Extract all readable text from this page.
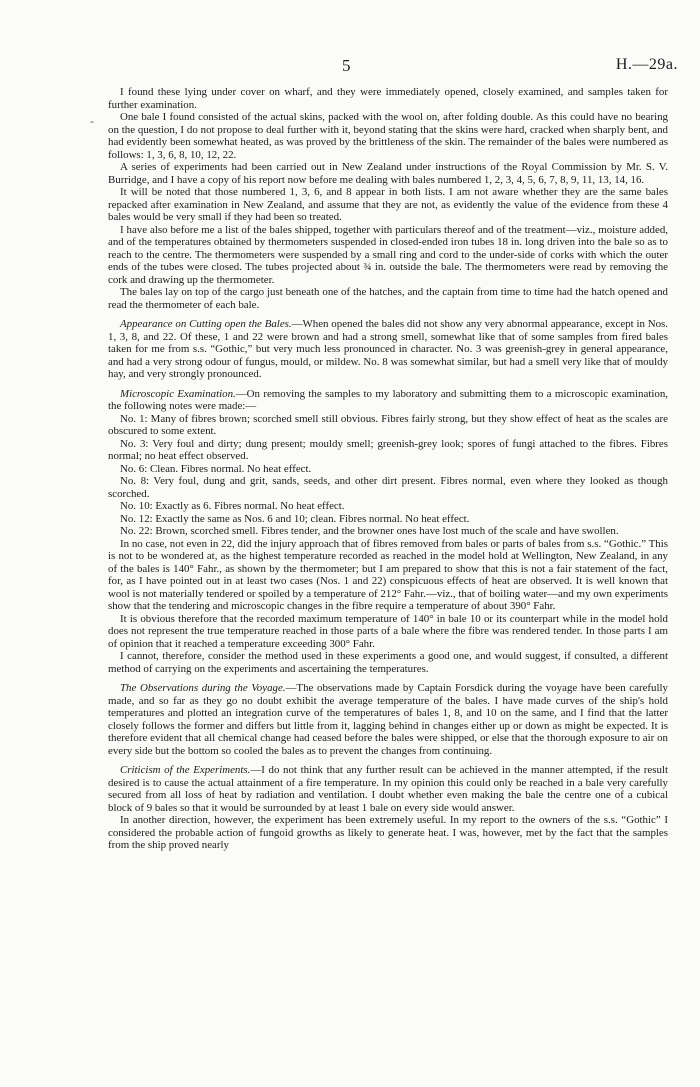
5	H.—29a.
-

I found these lying under cover on wharf, and they were immediately opened, closely examined, and samples taken for further examination.

One bale I found consisted of the actual skins, packed with the wool on, after folding double. As this could have no bearing on the question, I do not propose to deal further with it, beyond stating that the skins were hard, cracked when sharply bent, and had evidently been somewhat heated, as was proved by the brittleness of the skin. The remainder of the bales were numbered as follows: 1, 3, 6, 8, 10, 12, 22.

A series of experiments had been carried out in New Zealand under instructions of the Royal Commission by Mr. S. V. Burridge, and I have a copy of his report now before me dealing with bales numbered 1, 2, 3, 4, 5, 6, 7, 8, 9, 11, 13, 14, 16.

It will be noted that those numbered 1, 3, 6, and 8 appear in both lists. I am not aware whether they are the same bales repacked after examination in New Zealand, and assume that they are not, as evidently the value of the evidence from these 4 bales would be very small if they had been so treated.

I have also before me a list of the bales shipped, together with particulars thereof and of the treatment—viz., moisture added, and of the temperatures obtained by thermometers suspended in closed-ended iron tubes 18 in. long driven into the bale so as to reach to the centre. The thermometers were suspended by a small ring and cord to the under-side of corks with which the outer ends of the tubes were closed. The tubes projected about ¾ in. outside the bale. The thermometers were read by removing the cork and drawing up the thermometer.

The bales lay on top of the cargo just beneath one of the hatches, and the captain from time to time had the hatch opened and read the thermometer of each bale.

Appearance on Cutting open the Bales.—When opened the bales did not show any very abnormal appearance, except in Nos. 1, 3, 8, and 22. Of these, 1 and 22 were brown and had a strong smell, somewhat like that of some samples from fired bales taken for me from s.s. “Gothic,” but very much less pronounced in character. No. 3 was greenish-grey in general appearance, and had a very strong odour of fungus, mould, or mildew. No. 8 was somewhat similar, but had a smell very like that of mouldy hay, and very strongly pronounced.

Microscopic Examination.—On removing the samples to my laboratory and submitting them to a microscopic examination, the following notes were made:—

No. 1: Many of fibres brown; scorched smell still obvious. Fibres fairly strong, but they show effect of heat as the scales are obscured to some extent.

No. 3: Very foul and dirty; dung present; mouldy smell; greenish-grey look; spores of fungi attached to the fibres. Fibres normal; no heat effect observed.

No. 6: Clean. Fibres normal. No heat effect.

No. 8: Very foul, dung and grit, sands, seeds, and other dirt present. Fibres normal, even where they looked as though scorched.

No. 10: Exactly as 6. Fibres normal. No heat effect.

No. 12: Exactly the same as Nos. 6 and 10; clean. Fibres normal. No heat effect.

No. 22: Brown, scorched smell. Fibres tender, and the browner ones have lost much of the scale and have swollen.

In no case, not even in 22, did the injury approach that of fibres removed from bales or parts of bales from s.s. “Gothic.” This is not to be wondered at, as the highest temperature recorded as reached in the model hold at Wellington, New Zealand, in any of the bales is 140° Fahr., as shown by the thermometer; but I am prepared to show that this is not a fair statement of the fact, for, as I have pointed out in at least two cases (Nos. 1 and 22) conspicuous effects of heat are observed. It is well known that wool is not materially tendered or spoiled by a temperature of 212° Fahr.—viz., that of boiling water—and my own experiments show that the tendering and microscopic changes in the fibre require a temperature of about 390° Fahr.

It is obvious therefore that the recorded maximum temperature of 140° in bale 10 or its counterpart while in the model hold does not represent the true temperature reached in those parts of a bale where the fibre was rendered tender. In those parts I am of opinion that it reached a temperature exceeding 300° Fahr.

I cannot, therefore, consider the method used in these experiments a good one, and would suggest, if consulted, a different method of carrying on the experiments and ascertaining the temperatures.

The Observations during the Voyage.—The observations made by Captain Forsdick during the voyage have been carefully made, and so far as they go no doubt exhibit the average temperature of the bales. I have made curves of the ship's hold temperatures and plotted an integration curve of the temperatures of bales 1, 8, and 10 on the same, and I find that the latter closely follows the former and differs but little from it, lagging behind in changes either up or down as might be expected. It is therefore evident that all chemical change had ceased before the bales were shipped, or else that the thorough exposure to air on every side but the bottom so cooled the bales as to prevent the changes from continuing.

Criticism of the Experiments.—I do not think that any further result can be achieved in the manner attempted, if the result desired is to cause the actual attainment of a fire temperature. In my opinion this could only be reached in a bale very carefully secured from all loss of heat by radiation and ventilation. I doubt whether even making the bale the centre one of a cubical block of 9 bales so that it would be surrounded by at least 1 bale on every side would answer.

In another direction, however, the experiment has been extremely useful. In my report to the owners of the s.s. “Gothic” I considered the probable action of fungoid growths as likely to generate heat. I was, however, met by the fact that the samples from the ship proved nearly
